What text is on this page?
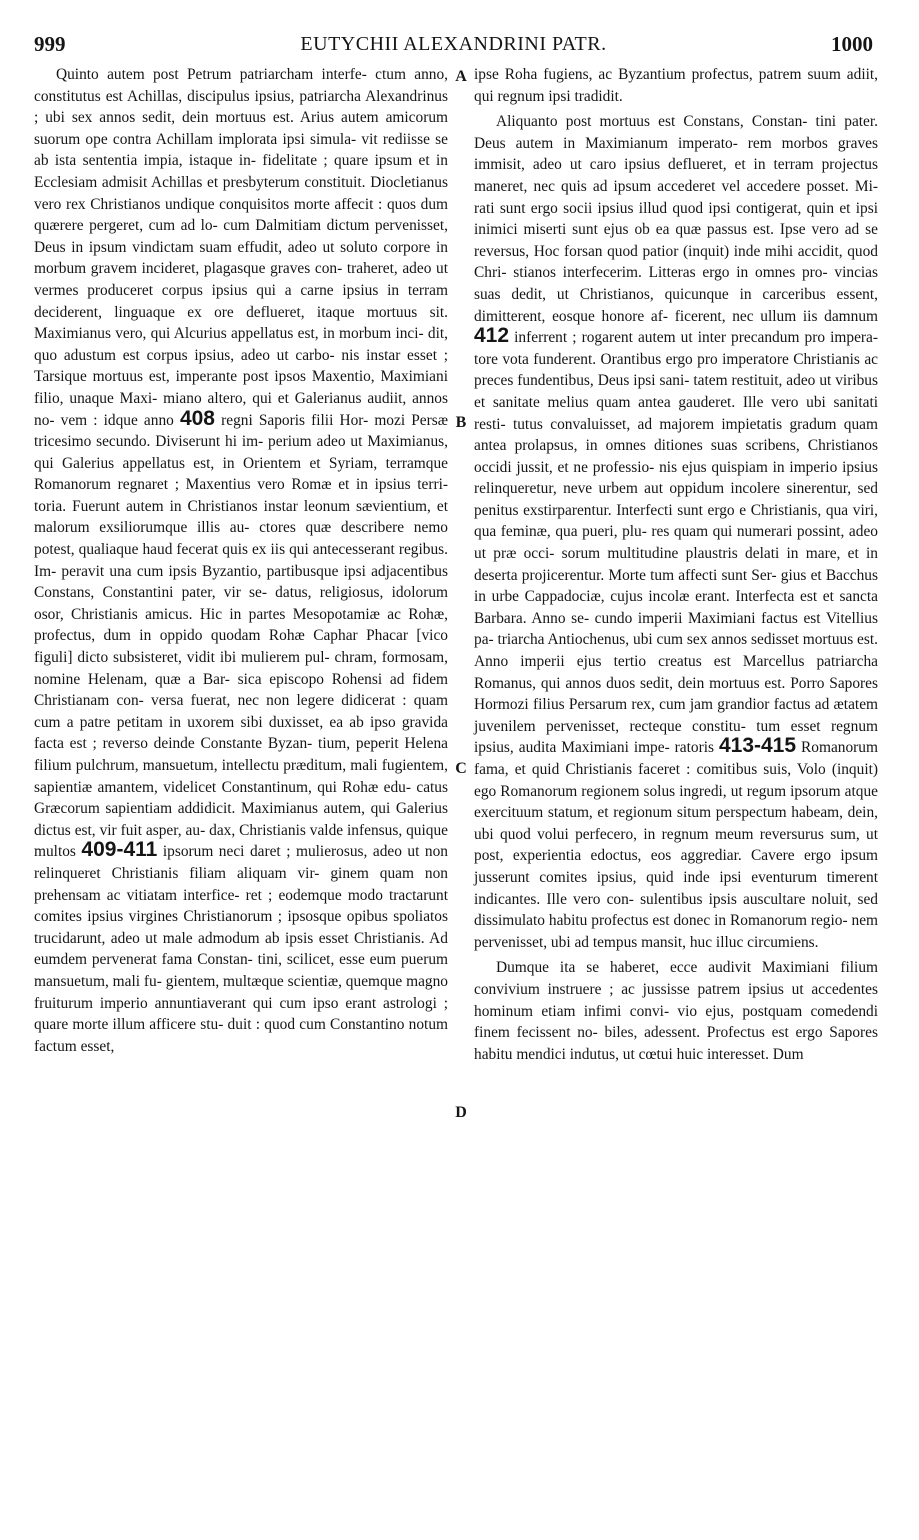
999	EUTYCHII ALEXANDRINI PATR.	1000

Quinto autem post Petrum patriarcham interfe- ctum anno, constitutus est Achillas, discipulus ipsius, patriarcha Alexandrinus ; ubi sex annos sedit, dein mortuus est. Arius autem amicorum suorum ope contra Achillam implorata ipsi simula- vit rediisse se ab ista sententia impia, istaque in- fidelitate ; quare ipsum et in Ecclesiam admisit Achillas et presbyterum constituit. Diocletianus vero rex Christianos undique conquisitos morte affecit : quos dum quærere pergeret, cum ad lo- cum Dalmitiam dictum pervenisset, Deus in ipsum vindictam suam effudit, adeo ut soluto corpore in morbum gravem incideret, plagasque graves con- traheret, adeo ut vermes produceret corpus ipsius qui a carne ipsius in terram deciderent, linguaque ex ore deflueret, itaque mortuus sit. Maximianus vero, qui Alcurius appellatus est, in morbum inci- dit, quo adustum est corpus ipsius, adeo ut carbo- nis instar esset ; Tarsique mortuus est, imperante post ipsos Maxentio, Maximiani filio, unaque Maxi- miano altero, qui et Galerianus audiit, annos no- vem : idque anno 408 regni Saporis filii Hor- mozi Persæ tricesimo secundo. Diviserunt hi im- perium adeo ut Maximianus, qui Galerius appellatus est, in Orientem et Syriam, terramque Romanorum regnaret ; Maxentius vero Romæ et in ipsius terri- toria. Fuerunt autem in Christianos instar leonum sævientium, et malorum exsiliorumque illis au- ctores quæ describere nemo potest, qualiaque haud fecerat quis ex iis qui antecesserant regibus. Im- peravit una cum ipsis Byzantio, partibusque ipsi adjacentibus Constans, Constantini pater, vir se- datus, religiosus, idolorum osor, Christianis amicus. Hic in partes Mesopotamiæ ac Rohæ, profectus, dum in oppido quodam Rohæ Caphar Phacar [vico figuli] dicto subsisteret, vidit ibi mulierem pul- chram, formosam, nomine Helenam, quæ a Bar- sica episcopo Rohensi ad fidem Christianam con- versa fuerat, nec non legere didicerat : quam cum a patre petitam in uxorem sibi duxisset, ea ab ipso gravida facta est ; reverso deinde Constante Byzan- tium, peperit Helena filium pulchrum, mansuetum, intellectu præditum, mali fugientem, sapientiæ amantem, videlicet Constantinum, qui Rohæ edu- catus Græcorum sapientiam addidicit. Maximianus autem, qui Galerius dictus est, vir fuit asper, au- dax, Christianis valde infensus, quique multos 409-411 ipsorum neci daret ; mulierosus, adeo ut non relinqueret Christianis filiam aliquam vir- ginem quam non prehensam ac vitiatam interfice- ret ; eodemque modo tractarunt comites ipsius virgines Christianorum ; ipsosque opibus spoliatos trucidarunt, adeo ut male admodum ab ipsis esset Christianis. Ad eumdem pervenerat fama Constan- tini, scilicet, esse eum puerum mansuetum, mali fu- gientem, multæque scientiæ, quemque magno fruiturum imperio annuntiaverant qui cum ipso erant astrologi ; quare morte illum afficere stu- duit : quod cum Constantino notum factum esset,

A
B
C
D

ipse Roha fugiens, ac Byzantium profectus, patrem suum adiit, qui regnum ipsi tradidit.

Aliquanto post mortuus est Constans, Constan- tini pater. Deus autem in Maximianum imperato- rem morbos graves immisit, adeo ut caro ipsius deflueret, et in terram projectus maneret, nec quis ad ipsum accederet vel accedere posset. Mi- rati sunt ergo socii ipsius illud quod ipsi contigerat, quin et ipsi inimici miserti sunt ejus ob ea quæ passus est. Ipse vero ad se reversus, Hoc forsan quod patior (inquit) inde mihi accidit, quod Chri- stianos interfecerim. Litteras ergo in omnes pro- vincias suas dedit, ut Christianos, quicunque in carceribus essent, dimitterent, eosque honore af- ficerent, nec ullum iis damnum 412 inferrent ; rogarent autem ut inter precandum pro impera- tore vota funderent. Orantibus ergo pro imperatore Christianis ac preces fundentibus, Deus ipsi sani- tatem restituit, adeo ut viribus et sanitate melius quam antea gauderet. Ille vero ubi sanitati resti- tutus convaluisset, ad majorem impietatis gradum quam antea prolapsus, in omnes ditiones suas scribens, Christianos occidi jussit, et ne professio- nis ejus quispiam in imperio ipsius relinqueretur, neve urbem aut oppidum incolere sinerentur, sed penitus exstirparentur. Interfecti sunt ergo e Christianis, qua viri, qua feminæ, qua pueri, plu- res quam qui numerari possint, adeo ut præ occi- sorum multitudine plaustris delati in mare, et in deserta projicerentur. Morte tum affecti sunt Ser- gius et Bacchus in urbe Cappadociæ, cujus incolæ erant. Interfecta est et sancta Barbara. Anno se- cundo imperii Maximiani factus est Vitellius pa- triarcha Antiochenus, ubi cum sex annos sedisset mortuus est. Anno imperii ejus tertio creatus est Marcellus patriarcha Romanus, qui annos duos sedit, dein mortuus est. Porro Sapores Hormozi filius Persarum rex, cum jam grandior factus ad ætatem juvenilem pervenisset, recteque constitu- tum esset regnum ipsius, audita Maximiani impe- ratoris 413-415 Romanorum fama, et quid Christianis faceret : comitibus suis, Volo (inquit) ego Romanorum regionem solus ingredi, ut regum ipsorum atque exercituum statum, et regionum situm perspectum habeam, dein, ubi quod volui perfecero, in regnum meum reversurus sum, ut post, experientia edoctus, eos aggrediar. Cavere ergo ipsum jusserunt comites ipsius, quid inde ipsi eventurum timerent indicantes. Ille vero con- sulentibus ipsis auscultare noluit, sed dissimulato habitu profectus est donec in Romanorum regio- nem pervenisset, ubi ad tempus mansit, huc illuc circumiens.

Dumque ita se haberet, ecce audivit Maximiani filium convivium instruere ; ac jussisse patrem ipsius ut accedentes hominum etiam infimi convi- vio ejus, postquam comedendi finem fecissent no- biles, adessent. Profectus est ergo Sapores habitu mendici indutus, ut cœtui huic interesset. Dum
